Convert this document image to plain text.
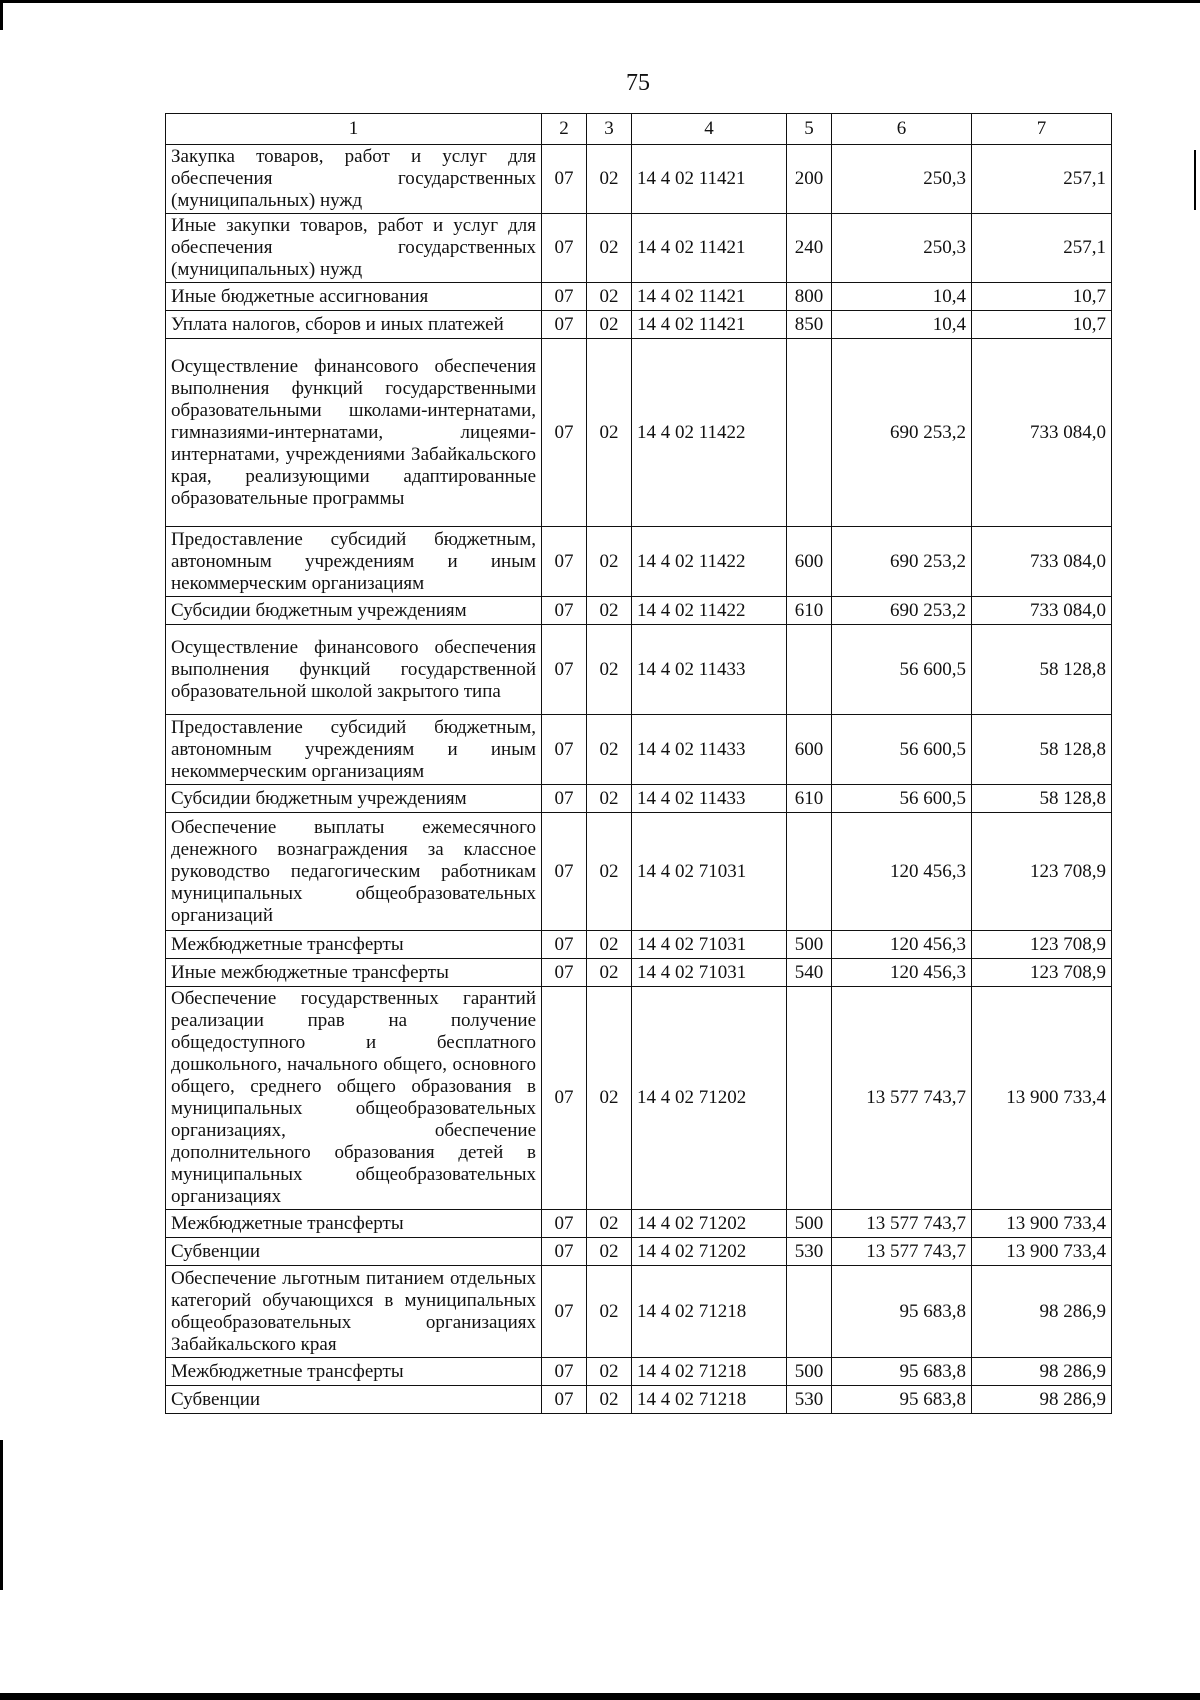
75
1	2	3	4	5	6	7
Закупка товаров, работ и услуг для обеспечения государственных (муниципальных) нужд	07	02	14 4 02 11421	200	250,3	257,1
Иные закупки товаров, работ и услуг для обеспечения государственных (муниципальных) нужд	07	02	14 4 02 11421	240	250,3	257,1
Иные бюджетные ассигнования	07	02	14 4 02 11421	800	10,4	10,7
Уплата налогов, сборов и иных платежей	07	02	14 4 02 11421	850	10,4	10,7
Осуществление финансового обеспечения выполнения функций государственными образовательными школами-интернатами, гимназиями-интернатами, лицеями-интернатами, учреждениями Забайкальского края, реализующими адаптированные образовательные программы	07	02	14 4 02 11422		690 253,2	733 084,0
Предоставление субсидий бюджетным, автономным учреждениям и иным некоммерческим организациям	07	02	14 4 02 11422	600	690 253,2	733 084,0
Субсидии бюджетным учреждениям	07	02	14 4 02 11422	610	690 253,2	733 084,0
Осуществление финансового обеспечения выполнения функций государственной образовательной школой закрытого типа	07	02	14 4 02 11433		56 600,5	58 128,8
Предоставление субсидий бюджетным, автономным учреждениям и иным некоммерческим организациям	07	02	14 4 02 11433	600	56 600,5	58 128,8
Субсидии бюджетным учреждениям	07	02	14 4 02 11433	610	56 600,5	58 128,8
Обеспечение выплаты ежемесячного денежного вознаграждения за классное руководство педагогическим работникам муниципальных общеобразовательных организаций	07	02	14 4 02 71031		120 456,3	123 708,9
Межбюджетные трансферты	07	02	14 4 02 71031	500	120 456,3	123 708,9
Иные межбюджетные трансферты	07	02	14 4 02 71031	540	120 456,3	123 708,9
Обеспечение государственных гарантий реализации прав на получение общедоступного и бесплатного дошкольного, начального общего, основного общего, среднего общего образования в муниципальных общеобразовательных организациях, обеспечение дополнительного образования детей в муниципальных общеобразовательных организациях	07	02	14 4 02 71202		13 577 743,7	13 900 733,4
Межбюджетные трансферты	07	02	14 4 02 71202	500	13 577 743,7	13 900 733,4
Субвенции	07	02	14 4 02 71202	530	13 577 743,7	13 900 733,4
Обеспечение льготным питанием отдельных категорий обучающихся в муниципальных общеобразовательных организациях Забайкальского края	07	02	14 4 02 71218		95 683,8	98 286,9
Межбюджетные трансферты	07	02	14 4 02 71218	500	95 683,8	98 286,9
Субвенции	07	02	14 4 02 71218	530	95 683,8	98 286,9
